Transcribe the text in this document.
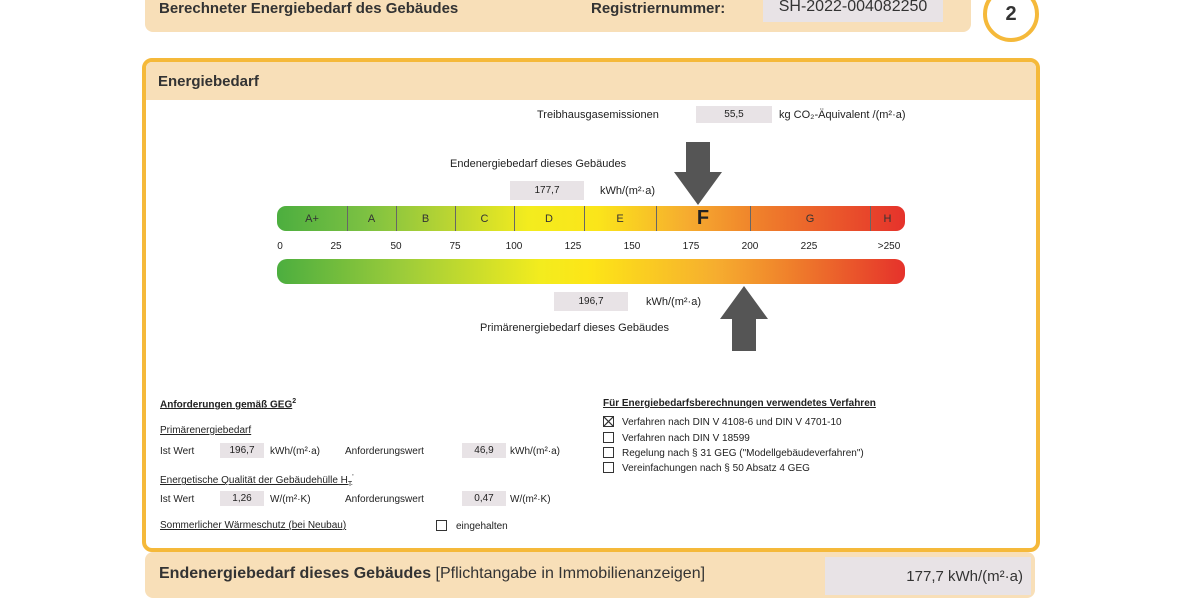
Berechneter Energiebedarf des Gebäudes	Registriernummer:	SH-2022-004082250	2
Energiebedarf
Treibhausgasemissionen	55,5	kg CO₂-Äquivalent /(m²·a)
Endenergiebedarf dieses Gebäudes
177,7	kWh/(m²·a)
A+	A	B	C	D	E	F	G	H
0	25	50	75	100	125	150	175	200	225	>250
196,7	kWh/(m²·a)
Primärenergiebedarf dieses Gebäudes
Anforderungen gemäß GEG$^2$
Primärenergiebedarf
Ist Wert	196,7	kWh/(m²·a)	Anforderungswert	46,9	kWh/(m²·a)
Energetische Qualität der Gebäudehülle $H_T'$
Ist Wert	1,26	W/(m²·K)	Anforderungswert	0,47	W/(m²·K)
Sommerlicher Wärmeschutz (bei Neubau)	eingehalten
Für Energiebedarfsberechnungen verwendetes Verfahren
Verfahren nach DIN V 4108-6 und DIN V 4701-10
Verfahren nach DIN V 18599
Regelung nach § 31 GEG ("Modellgebäudeverfahren")
Vereinfachungen nach § 50 Absatz 4 GEG
Endenergiebedarf dieses Gebäudes [Pflichtangabe in Immobilienanzeigen]	177,7 kWh/(m²·a)
